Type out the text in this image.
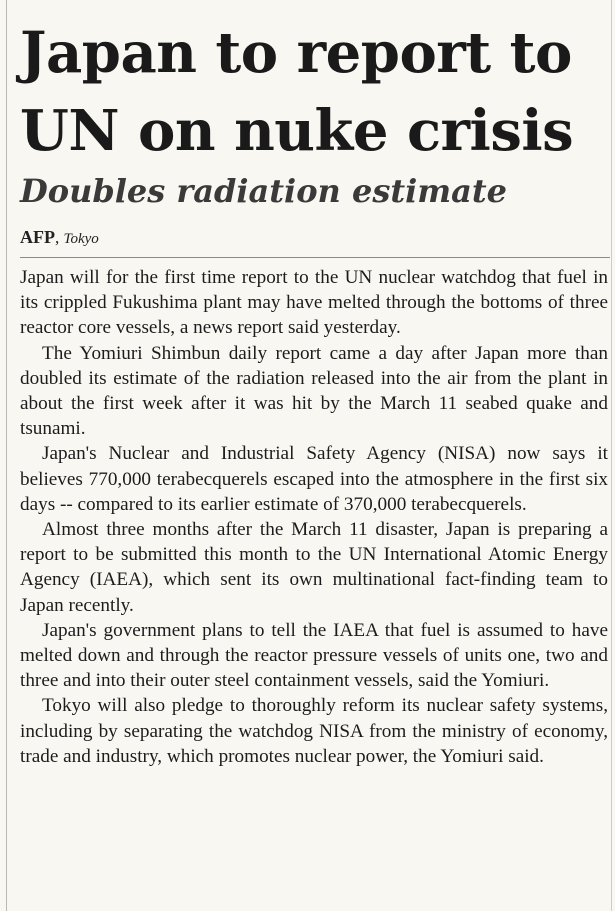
Japan to report to
UN on nuke crisis
Doubles radiation estimate
AFP, Tokyo

Japan will for the first time report to the UN nuclear watchdog that fuel in its crippled Fukushima plant may have melted through the bottoms of three reactor core vessels, a news report said yesterday.

The Yomiuri Shimbun daily report came a day after Japan more than doubled its estimate of the radiation released into the air from the plant in about the first week after it was hit by the March 11 seabed quake and tsunami.

Japan's Nuclear and Industrial Safety Agency (NISA) now says it believes 770,000 terabecquerels escaped into the atmosphere in the first six days -- compared to its earlier estimate of 370,000 terabecquerels.

Almost three months after the March 11 disaster, Japan is preparing a report to be submitted this month to the UN International Atomic Energy Agency (IAEA), which sent its own multinational fact-finding team to Japan recently.

Japan's government plans to tell the IAEA that fuel is assumed to have melted down and through the reactor pressure vessels of units one, two and three and into their outer steel containment vessels, said the Yomiuri.

Tokyo will also pledge to thoroughly reform its nuclear safety systems, including by separating the watchdog NISA from the ministry of economy, trade and industry, which promotes nuclear power, the Yomiuri said.
